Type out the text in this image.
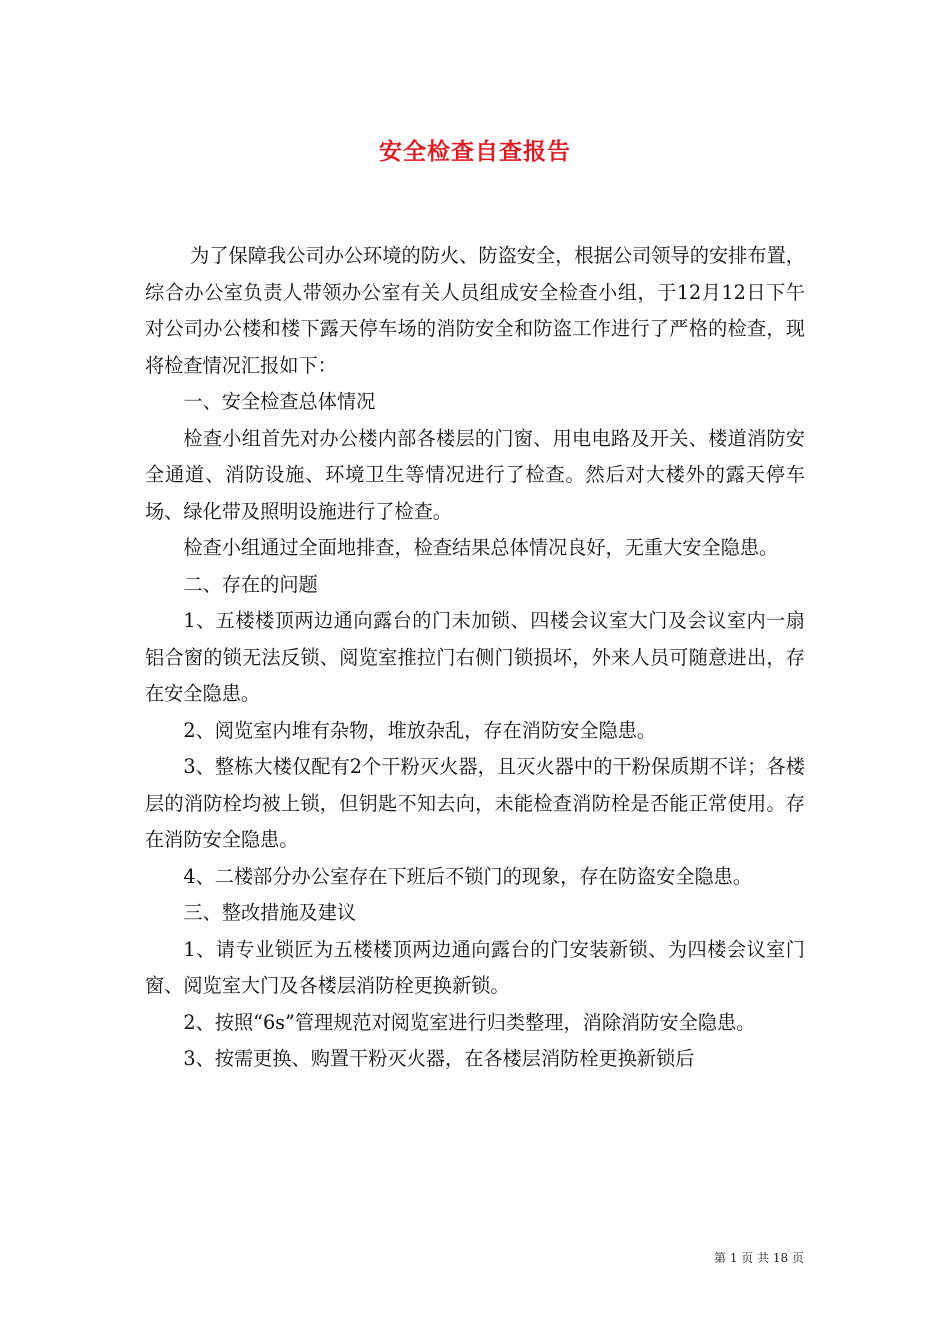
安全检查自查报告

为了保障我公司办公环境的防火、防盗安全，根据公司领导的安排布置，综合办公室负责人带领办公室有关人员组成安全检查小组，于12月12日下午对公司办公楼和楼下露天停车场的消防安全和防盗工作进行了严格的检查，现将检查情况汇报如下：

一、安全检查总体情况

检查小组首先对办公楼内部各楼层的门窗、用电电路及开关、楼道消防安全通道、消防设施、环境卫生等情况进行了检查。然后对大楼外的露天停车场、绿化带及照明设施进行了检查。

检查小组通过全面地排查，检查结果总体情况良好，无重大安全隐患。

二、存在的问题

1、五楼楼顶两边通向露台的门未加锁、四楼会议室大门及会议室内一扇铝合窗的锁无法反锁、阅览室推拉门右侧门锁损坏，外来人员可随意进出，存在安全隐患。

2、阅览室内堆有杂物，堆放杂乱，存在消防安全隐患。

3、整栋大楼仅配有2个干粉灭火器，且灭火器中的干粉保质期不详；各楼层的消防栓均被上锁，但钥匙不知去向，未能检查消防栓是否能正常使用。存在消防安全隐患。

4、二楼部分办公室存在下班后不锁门的现象，存在防盗安全隐患。

三、整改措施及建议

1、请专业锁匠为五楼楼顶两边通向露台的门安装新锁、为四楼会议室门窗、阅览室大门及各楼层消防栓更换新锁。

2、按照“6s”管理规范对阅览室进行归类整理，消除消防安全隐患。

3、按需更换、购置干粉灭火器，在各楼层消防栓更换新锁后

第 1 页 共 18 页
